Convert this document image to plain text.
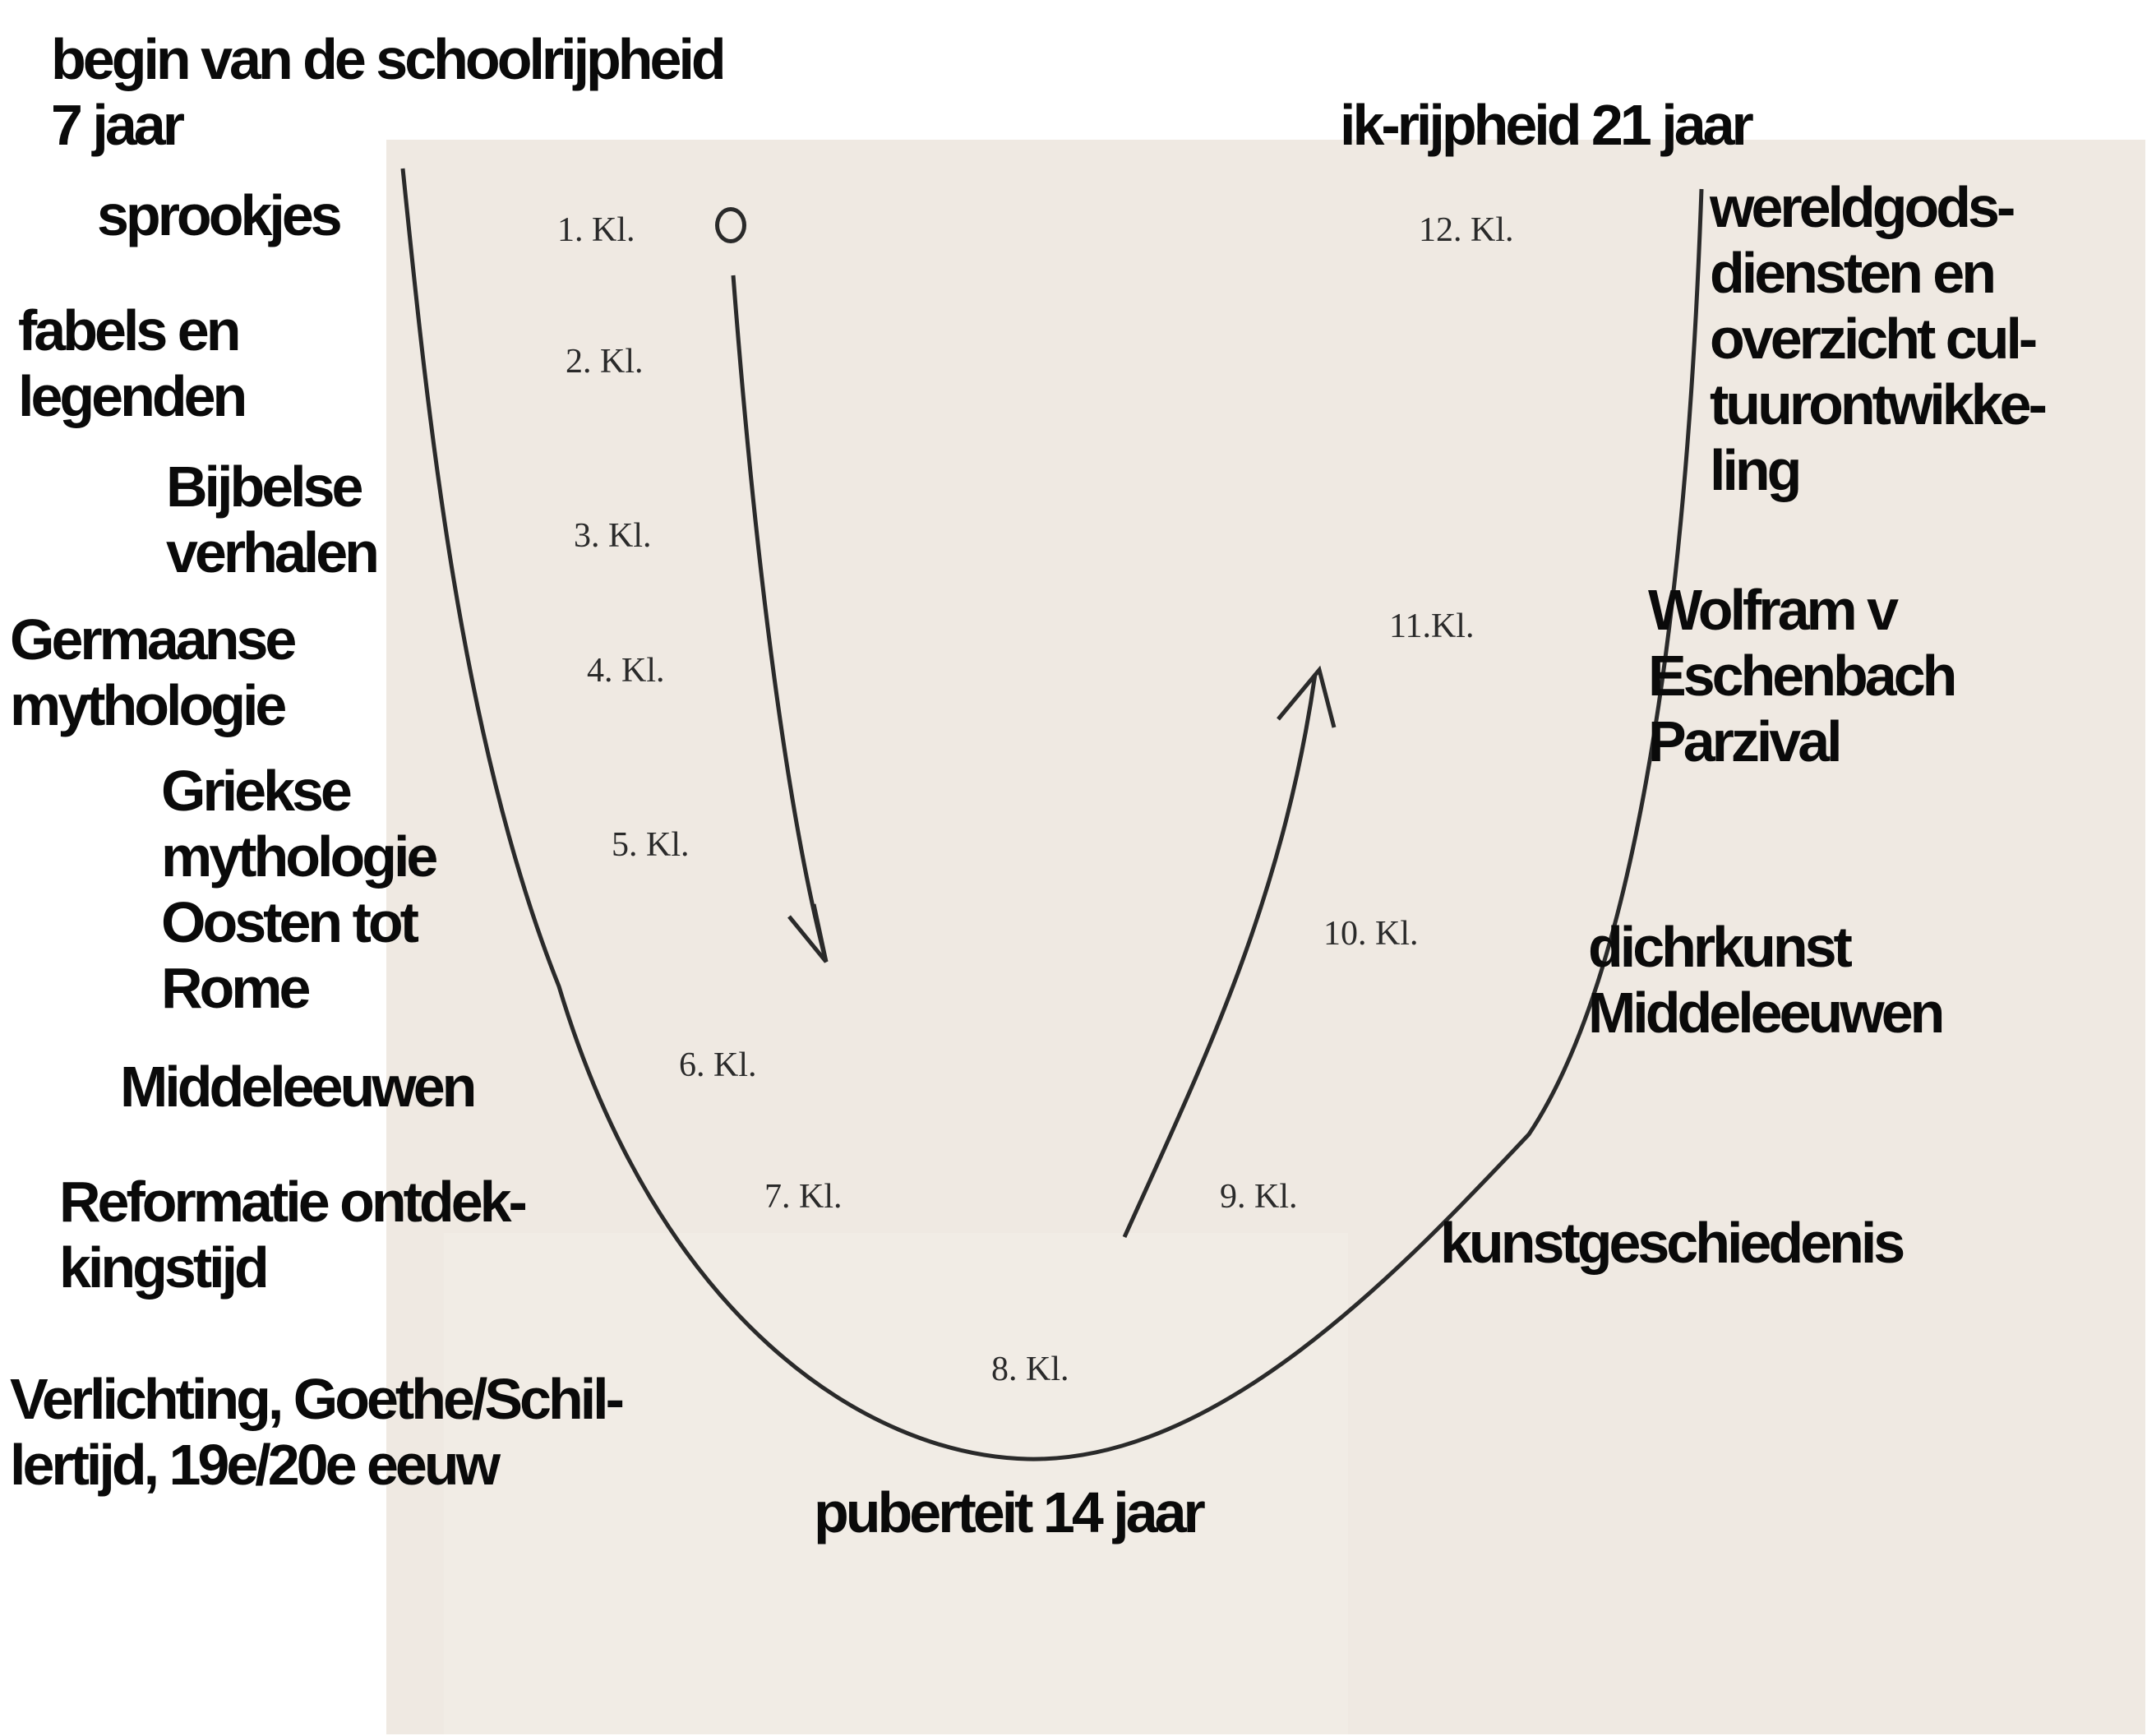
begin van de schoolrijpheid
7 jaar	ik-rijpheid 21 jaar
puberteit 14 jaar
sprookjes
fabels en
legenden
Bijbelse
verhalen
Germaanse
mythologie
Griekse
mythologie
Oosten tot
Rome
Middeleeuwen
Reformatie ontdek-
kingstijd
Verlichting, Goethe/Schil-
lertijd, 19e/20e eeuw
wereldgods-
diensten en
overzicht cul-
tuurontwikke-
ling
Wolfram v
Eschenbach
Parzival
dichrkunst
Middeleeuwen
kunstgeschiedenis
1. Kl.
2. Kl.
3. Kl.
4. Kl.
5. Kl.
6. Kl.
7. Kl.
8. Kl.
9. Kl.
10. Kl.
11.Kl.
12. Kl.
